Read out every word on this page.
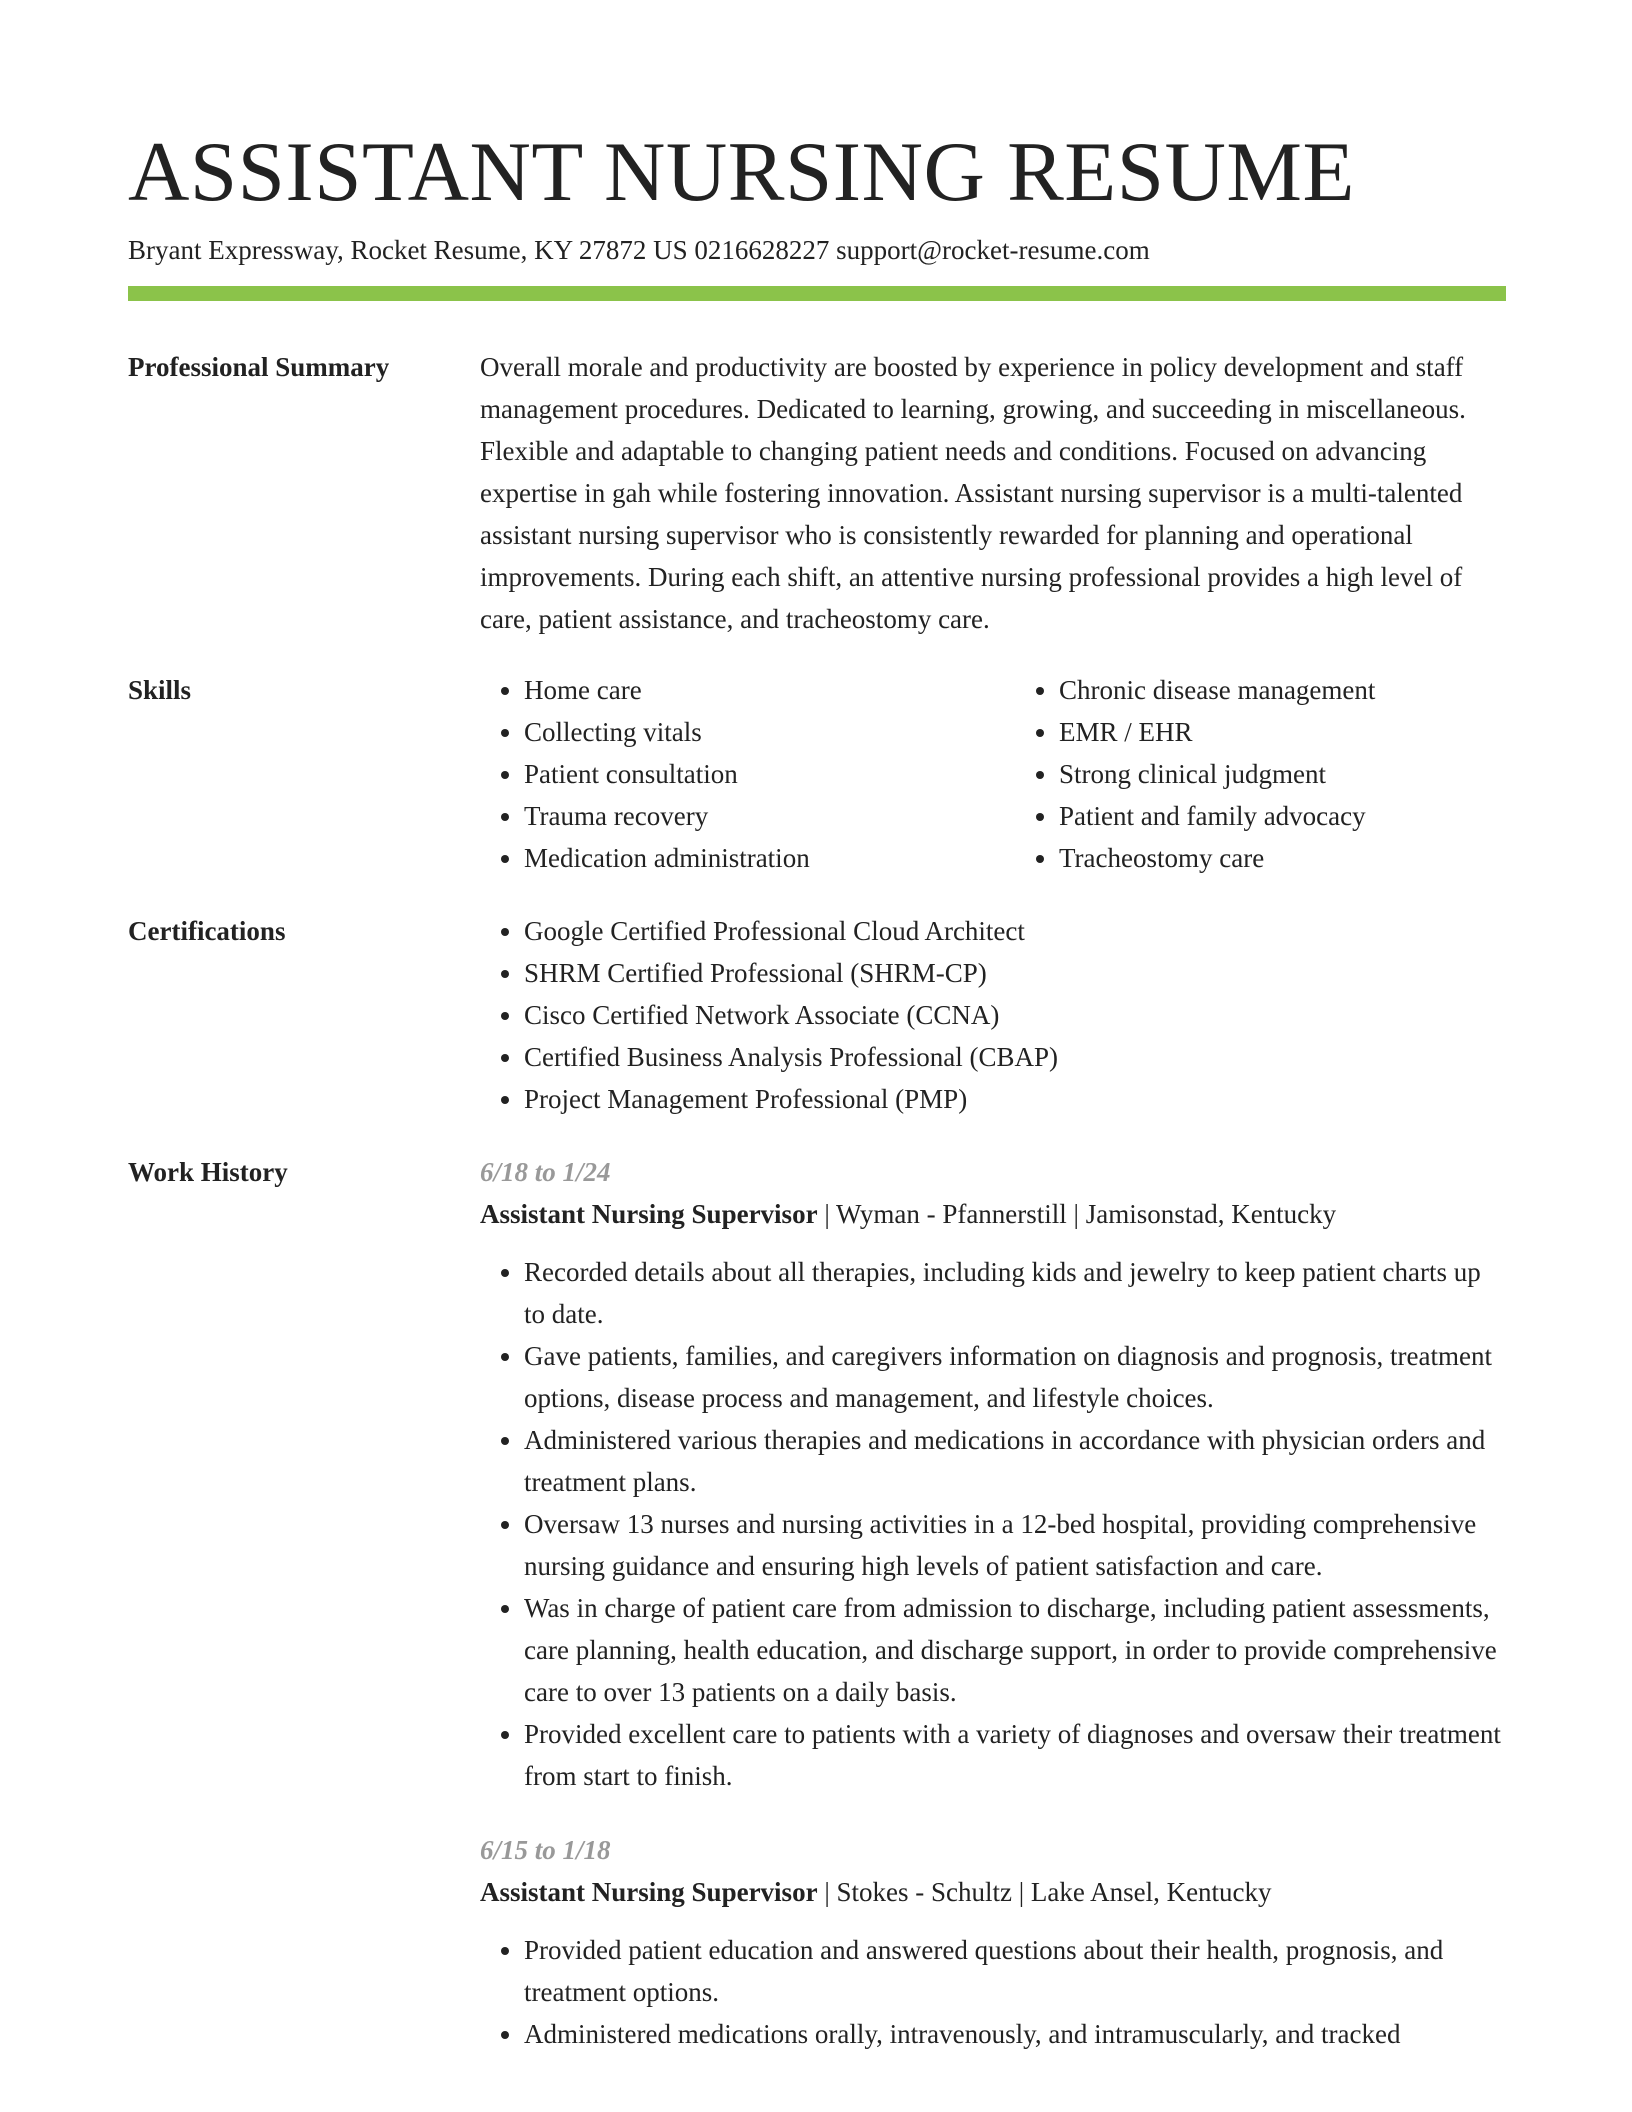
ASSISTANT NURSING RESUME
Bryant Expressway, Rocket Resume, KY 27872 US 0216628227 support@rocket-resume.com
Professional Summary	Overall morale and productivity are boosted by experience in policy development and staff management procedures. Dedicated to learning, growing, and succeeding in miscellaneous. Flexible and adaptable to changing patient needs and conditions. Focused on advancing expertise in gah while fostering innovation. Assistant nursing supervisor is a multi-talented assistant nursing supervisor who is consistently rewarded for planning and operational improvements. During each shift, an attentive nursing professional provides a high level of care, patient assistance, and tracheostomy care.

Skills	• Home care
• Collecting vitals
• Patient consultation
• Trauma recovery
• Medication administration
• Chronic disease management
• EMR / EHR
• Strong clinical judgment
• Patient and family advocacy
• Tracheostomy care
Certifications	• Google Certified Professional Cloud Architect
• SHRM Certified Professional (SHRM-CP)
• Cisco Certified Network Associate (CCNA)
• Certified Business Analysis Professional (CBAP)
• Project Management Professional (PMP)
Work History	6/18 to 1/24
Assistant Nursing Supervisor | Wyman - Pfannerstill | Jamisonstad, Kentucky
• Recorded details about all therapies, including kids and jewelry to keep patient charts up to date.
• Gave patients, families, and caregivers information on diagnosis and prognosis, treatment options, disease process and management, and lifestyle choices.
• Administered various therapies and medications in accordance with physician orders and treatment plans.
• Oversaw 13 nurses and nursing activities in a 12-bed hospital, providing comprehensive nursing guidance and ensuring high levels of patient satisfaction and care.
• Was in charge of patient care from admission to discharge, including patient assessments, care planning, health education, and discharge support, in order to provide comprehensive care to over 13 patients on a daily basis.
• Provided excellent care to patients with a variety of diagnoses and oversaw their treatment from start to finish.
6/15 to 1/18
Assistant Nursing Supervisor | Stokes - Schultz | Lake Ansel, Kentucky
• Provided patient education and answered questions about their health, prognosis, and treatment options.
• Administered medications orally, intravenously, and intramuscularly, and tracked
